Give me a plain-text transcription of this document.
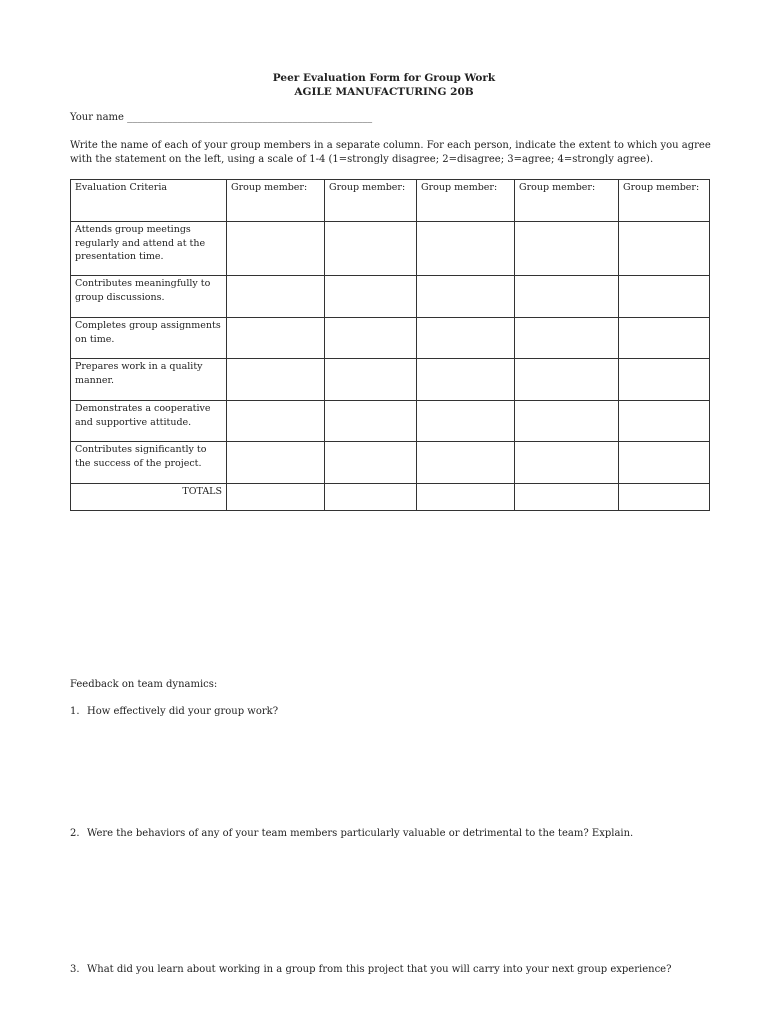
Peer Evaluation Form for Group Work
AGILE MANUFACTURING 20B
Your name _________________________________________________
Write the name of each of your group members in a separate column. For each person, indicate the extent to which you agree
with the statement on the left, using a scale of 1-4 (1=strongly disagree; 2=disagree; 3=agree; 4=strongly agree).
Evaluation Criteria	Group member:	Group member:	Group member:	Group member:	Group member:
Attends group meetings regularly and attend at the presentation time.					
Contributes meaningfully to group discussions.					
Completes group assignments on time.					
Prepares work in a quality manner.					
Demonstrates a cooperative and supportive attitude.					
Contributes significantly to the success of the project.					
TOTALS					
Feedback on team dynamics:
1. How effectively did your group work?
2. Were the behaviors of any of your team members particularly valuable or detrimental to the team? Explain.
3. What did you learn about working in a group from this project that you will carry into your next group experience?
